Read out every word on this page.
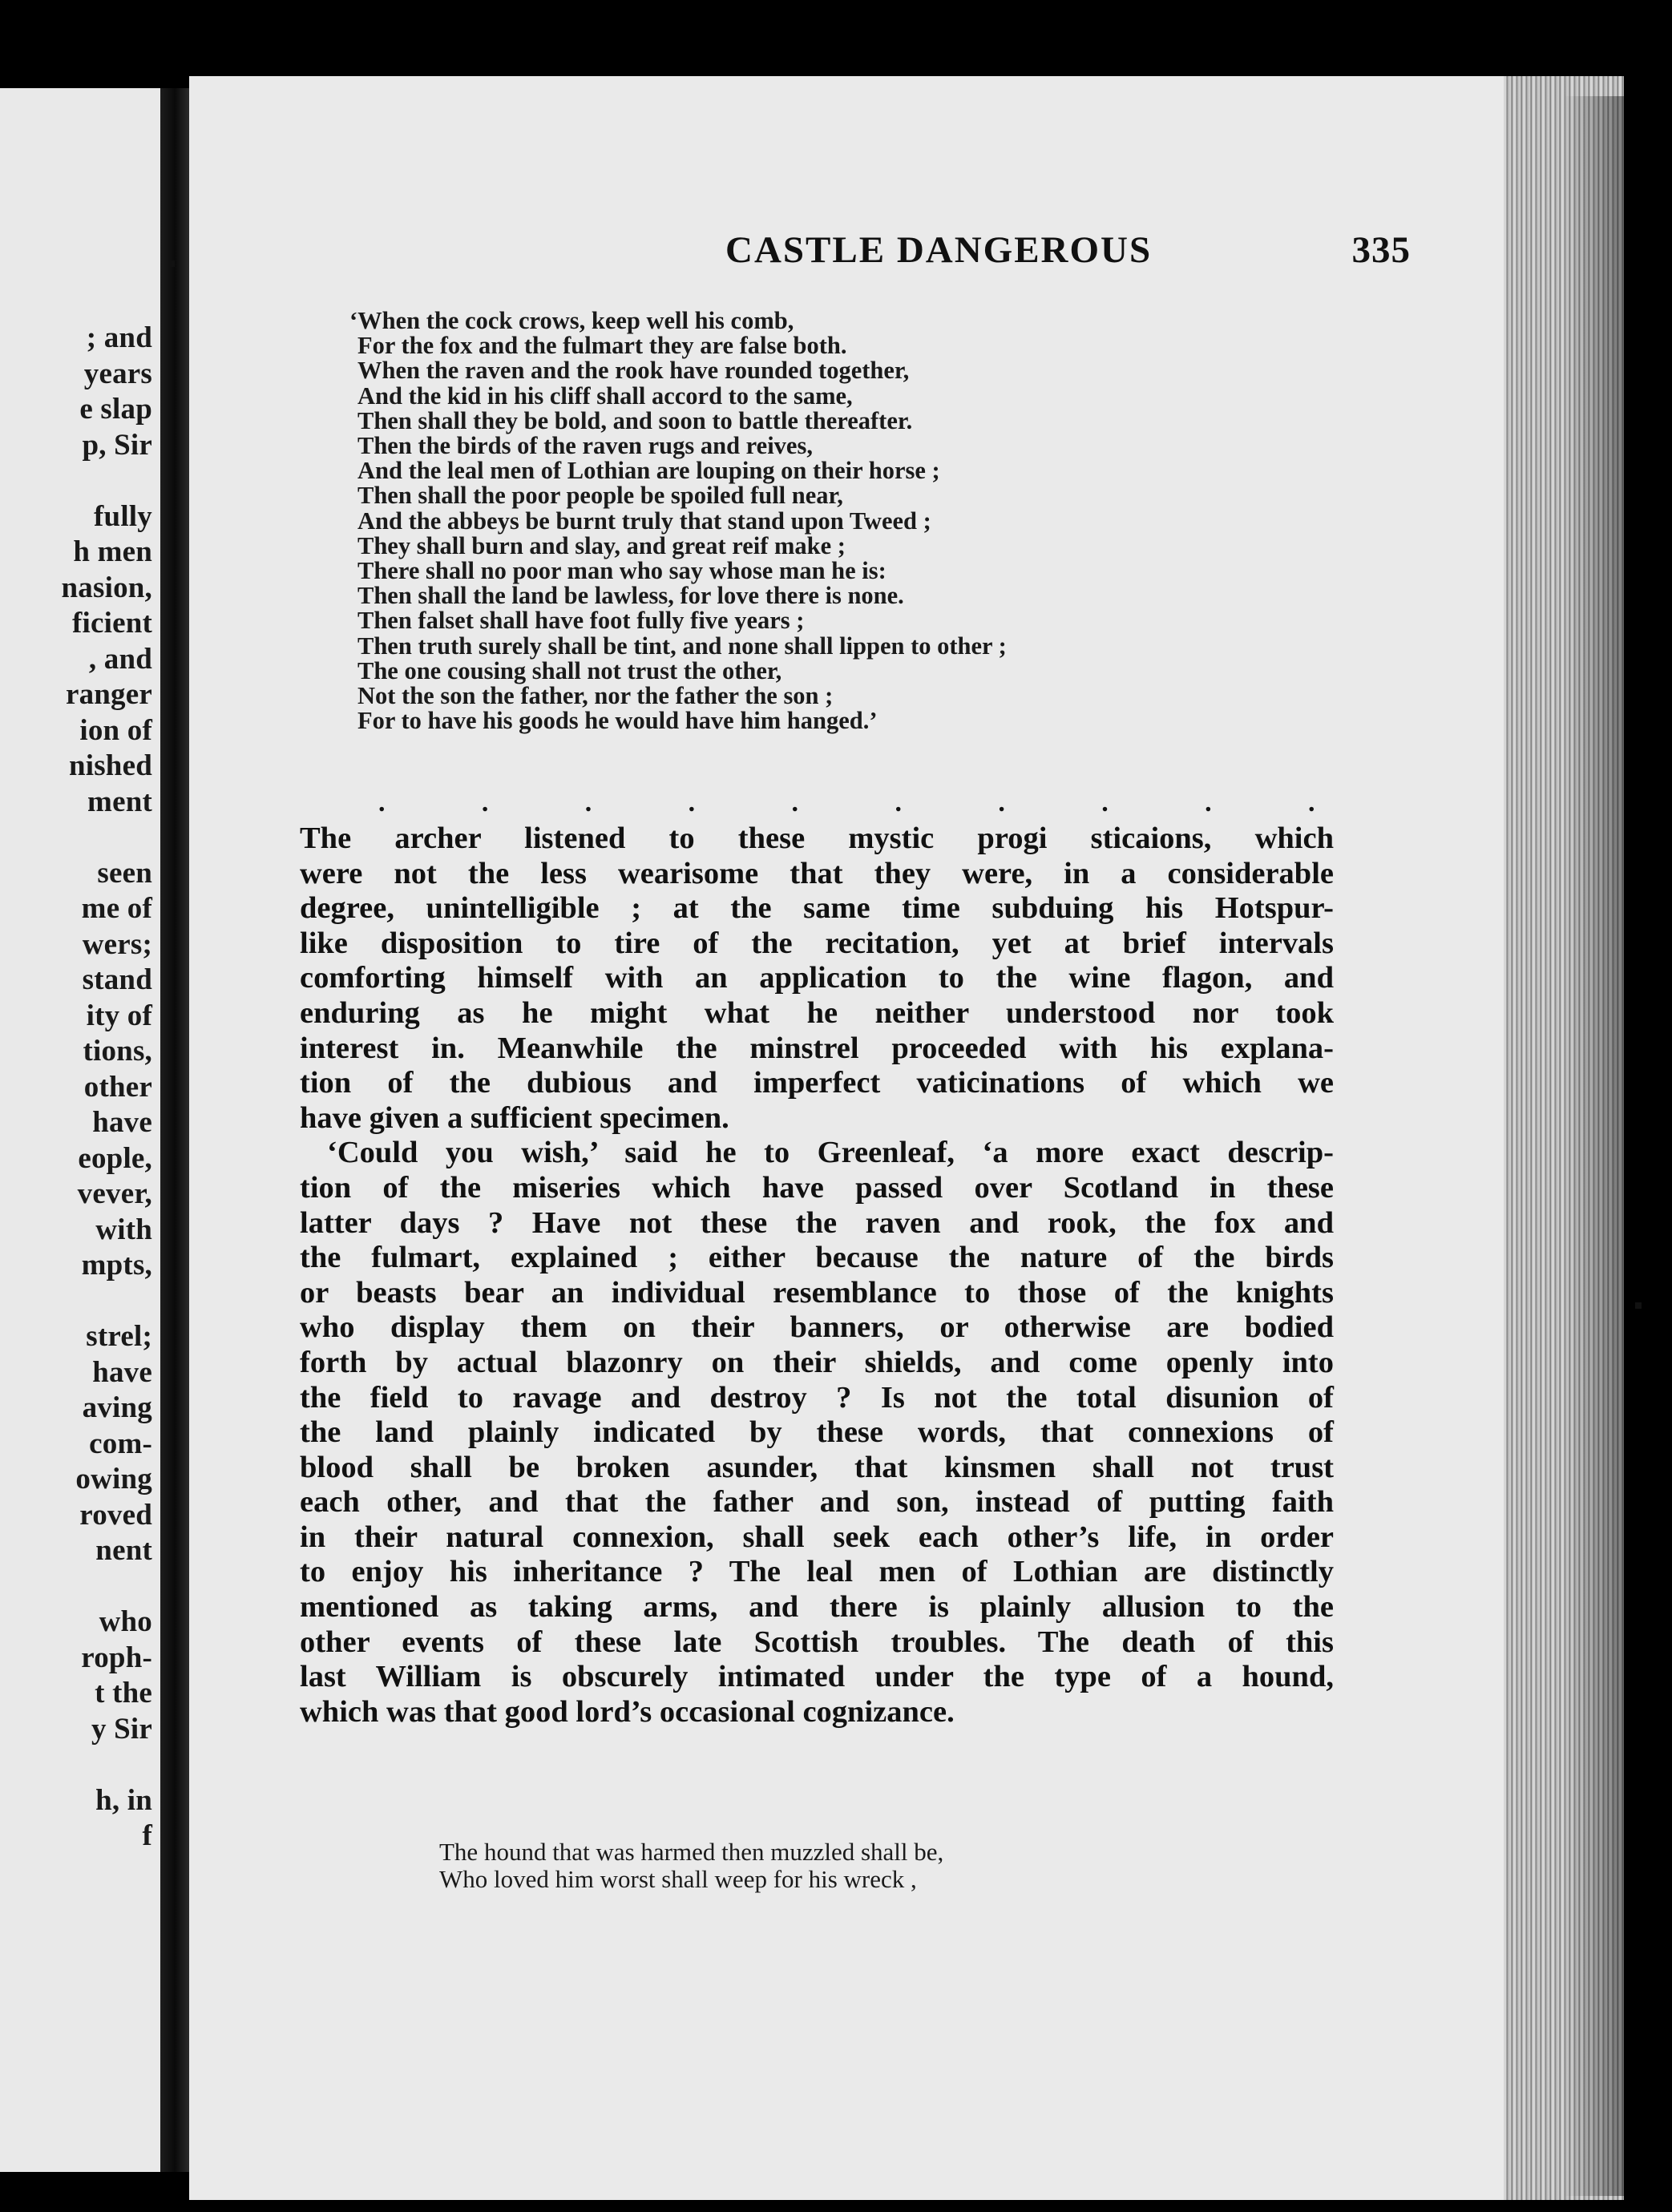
; and
years
e slap
p, Sir
fully
h men
nasion,
ficient
, and
ranger
ion of
nished
ment
seen
me of
wers;
stand
ity of
tions,
other
have
eople,
vever,
with
mpts,
strel;
have
aving
com-
owing
roved
nent
who
roph-
t the
y Sir
h, in
f
CASTLE DANGEROUS	335
‘When the cock crows, keep well his comb,
For the fox and the fulmart they are false both.
When the raven and the rook have rounded together,
And the kid in his cliff shall accord to the same,
Then shall they be bold, and soon to battle thereafter.
Then the birds of the raven rugs and reives,
And the leal men of Lothian are louping on their horse ;
Then shall the poor people be spoiled full near,
And the abbeys be burnt truly that stand upon Tweed ;
They shall burn and slay, and great reif make ;
There shall no poor man who say whose man he is:
Then shall the land be lawless, for love there is none.
Then falset shall have foot fully five years ;
Then truth surely shall be tint, and none shall lippen to other ;
The one cousing shall not trust the other,
Not the son the father, nor the father the son ;
For to have his goods he would have him hanged.’
.	.	.	.	.	.	.	.	.	.
The archer listened to these mystic progi sticaions, which
were not the less wearisome that they were, in a considerable
degree, unintelligible ; at the same time subduing his Hotspur-
like disposition to tire of the recitation, yet at brief intervals
comforting himself with an application to the wine flagon, and
enduring as he might what he neither understood nor took
interest in. Meanwhile the minstrel proceeded with his explana-
tion of the dubious and imperfect vaticinations of which we
have given a sufficient specimen.
‘Could you wish,’ said he to Greenleaf, ‘a more exact descrip-
tion of the miseries which have passed over Scotland in these
latter days ? Have not these the raven and rook, the fox and
the fulmart, explained ; either because the nature of the birds
or beasts bear an individual resemblance to those of the knights
who display them on their banners, or otherwise are bodied
forth by actual blazonry on their shields, and come openly into
the field to ravage and destroy ? Is not the total disunion of
the land plainly indicated by these words, that connexions of
blood shall be broken asunder, that kinsmen shall not trust
each other, and that the father and son, instead of putting faith
in their natural connexion, shall seek each other’s life, in order
to enjoy his inheritance ? The leal men of Lothian are distinctly
mentioned as taking arms, and there is plainly allusion to the
other events of these late Scottish troubles. The death of this
last William is obscurely intimated under the type of a hound,
which was that good lord’s occasional cognizance.
The hound that was harmed then muzzled shall be,
Who loved him worst shall weep for his wreck ,
